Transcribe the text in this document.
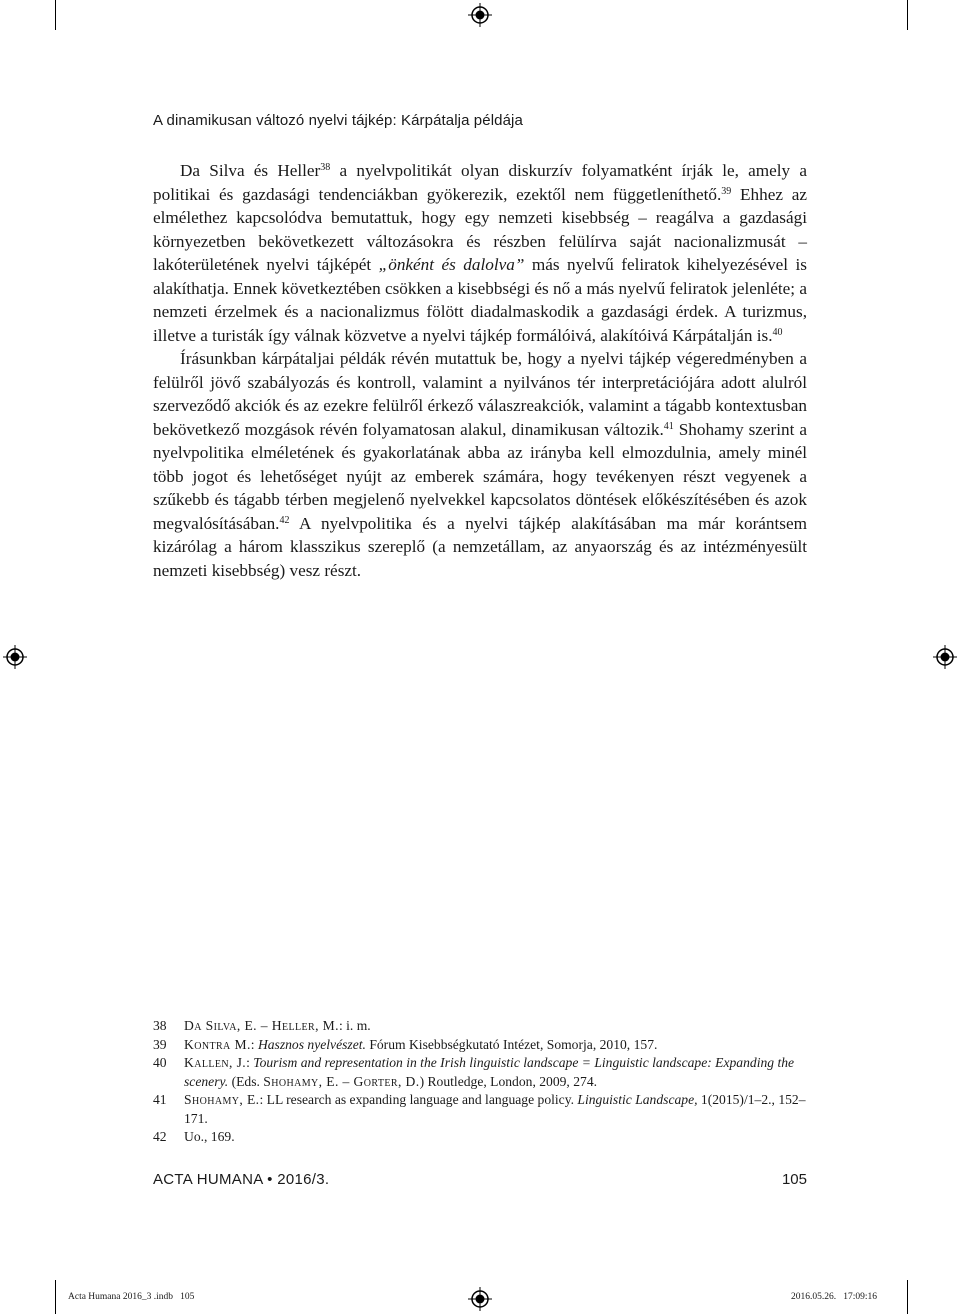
A dinamikusan változó nyelvi tájkép: Kárpátalja példája

Da Silva és Heller$^{38}$ a nyelvpolitikát olyan diskurzív folyamatként írják le, amely a politikai és gazdasági tendenciákban gyökerezik, ezektől nem függetleníthető.$^{39}$ Ehhez az elmélethez kapcsolódva bemutattuk, hogy egy nemzeti kisebbség – reagálva a gazdasági környezetben bekövetkezett változásokra és részben felülírva saját nacionalizmusát – lakóterületének nyelvi tájképét „önként és dalolva” más nyelvű feliratok kihelyezésével is alakíthatja. Ennek következtében csökken a kisebbségi és nő a más nyelvű feliratok jelenléte; a nemzeti érzelmek és a nacionalizmus fölött diadalmaskodik a gazdasági érdek. A turizmus, illetve a turisták így válnak közvetve a nyelvi tájkép formálóivá, alakítóivá Kárpátalján is.$^{40}$

Írásunkban kárpátaljai példák révén mutattuk be, hogy a nyelvi tájkép végeredményben a felülről jövő szabályozás és kontroll, valamint a nyilvános tér interpretációjára adott alulról szerveződő akciók és az ezekre felülről érkező válaszreakciók, valamint a tágabb kontextusban bekövetkező mozgások révén folyamatosan alakul, dinamikusan változik.$^{41}$ Shohamy szerint a nyelvpolitika elméletének és gyakorlatának abba az irányba kell elmozdulnia, amely minél több jogot és lehetőséget nyújt az emberek számára, hogy tevékenyen részt vegyenek a szűkebb és tágabb térben megjelenő nyelvekkel kapcsolatos döntések előkészítésében és azok megvalósításában.$^{42}$ A nyelvpolitika és a nyelvi tájkép alakításában ma már korántsem kizárólag a három klasszikus szereplő (a nemzetállam, az anyaország és az intézményesült nemzeti kisebbség) vesz részt.

38 Da Silva, E. – Heller, M.: i. m.
39 Kontra M.: Hasznos nyelvészet. Fórum Kisebbségkutató Intézet, Somorja, 2010, 157.
40 Kallen, J.: Tourism and representation in the Irish linguistic landscape = Linguistic landscape: Expanding the scenery. (Eds. Shohamy, E. – Gorter, D.) Routledge, London, 2009, 274.
41 Shohamy, E.: LL research as expanding language and language policy. Linguistic Landscape, 1(2015)/1–2., 152–171.
42 Uo., 169.
ACTA HUMANA • 2016/3.	105
Acta Humana 2016_3 .indb   105	2016.05.26.   17:09:16
